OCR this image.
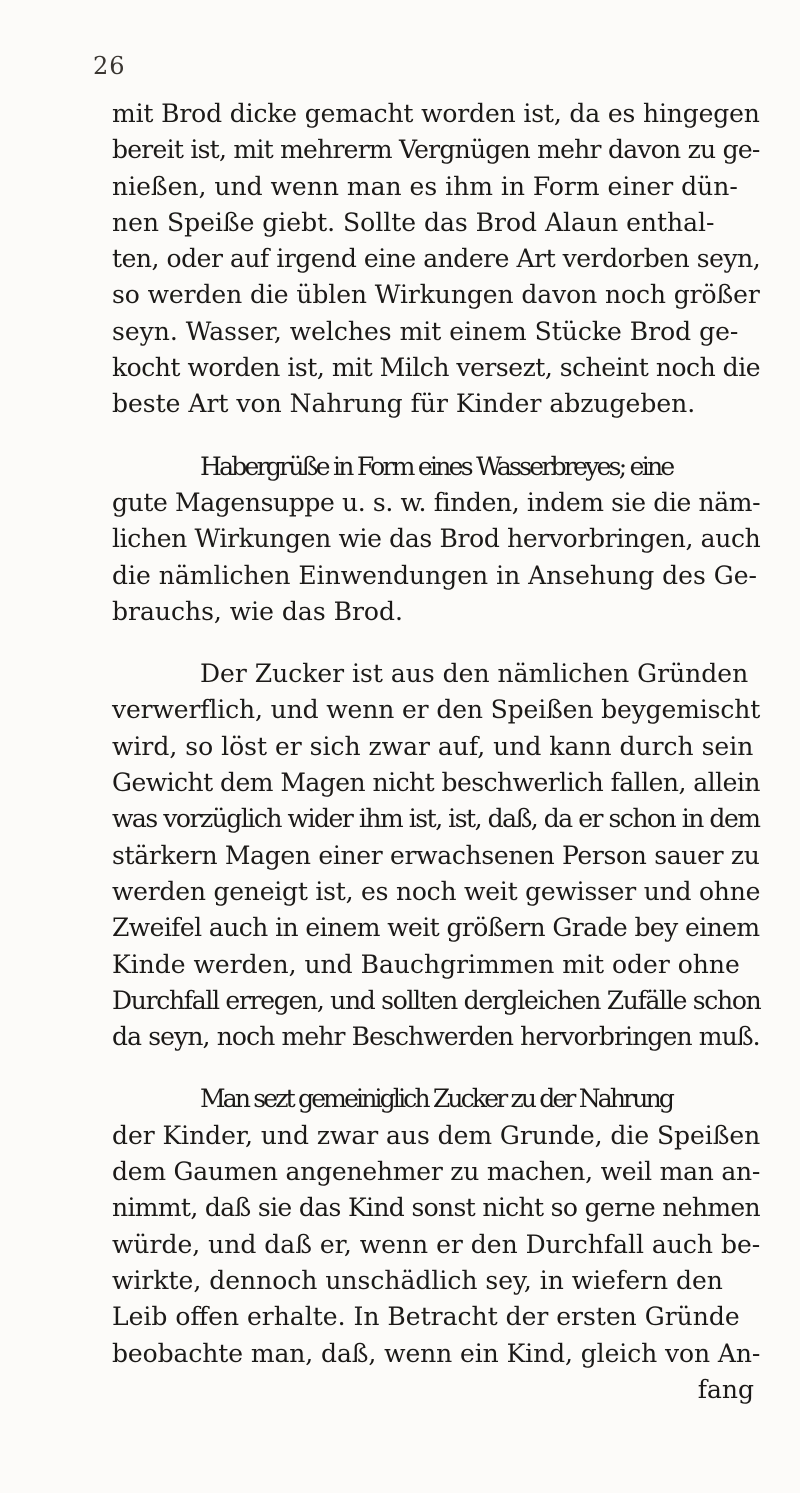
26
mit Brod dicke gemacht worden ist, da es hingegen
bereit ist, mit mehrerm Vergnügen mehr davon zu ge-
nießen, und wenn man es ihm in Form einer dün-
nen Speiße giebt. Sollte das Brod Alaun enthal-
ten, oder auf irgend eine andere Art verdorben seyn,
so werden die üblen Wirkungen davon noch größer
seyn. Wasser, welches mit einem Stücke Brod ge-
kocht worden ist, mit Milch versezt, scheint noch die
beste Art von Nahrung für Kinder abzugeben.
Habergrüße in Form eines Wasserbreyes; eine
gute Magensuppe u. s. w. finden, indem sie die näm-
lichen Wirkungen wie das Brod hervorbringen, auch
die nämlichen Einwendungen in Ansehung des Ge-
brauchs, wie das Brod.
Der Zucker ist aus den nämlichen Gründen
verwerflich, und wenn er den Speißen beygemischt
wird, so löst er sich zwar auf, und kann durch sein
Gewicht dem Magen nicht beschwerlich fallen, allein
was vorzüglich wider ihm ist, ist, daß, da er schon in dem
stärkern Magen einer erwachsenen Person sauer zu
werden geneigt ist, es noch weit gewisser und ohne
Zweifel auch in einem weit größern Grade bey einem
Kinde werden, und Bauchgrimmen mit oder ohne
Durchfall erregen, und sollten dergleichen Zufälle schon
da seyn, noch mehr Beschwerden hervorbringen muß.
Man sezt gemeiniglich Zucker zu der Nahrung
der Kinder, und zwar aus dem Grunde, die Speißen
dem Gaumen angenehmer zu machen, weil man an-
nimmt, daß sie das Kind sonst nicht so gerne nehmen
würde, und daß er, wenn er den Durchfall auch be-
wirkte, dennoch unschädlich sey, in wiefern den
Leib offen erhalte. In Betracht der ersten Gründe
beobachte man, daß, wenn ein Kind, gleich von An-
fang
